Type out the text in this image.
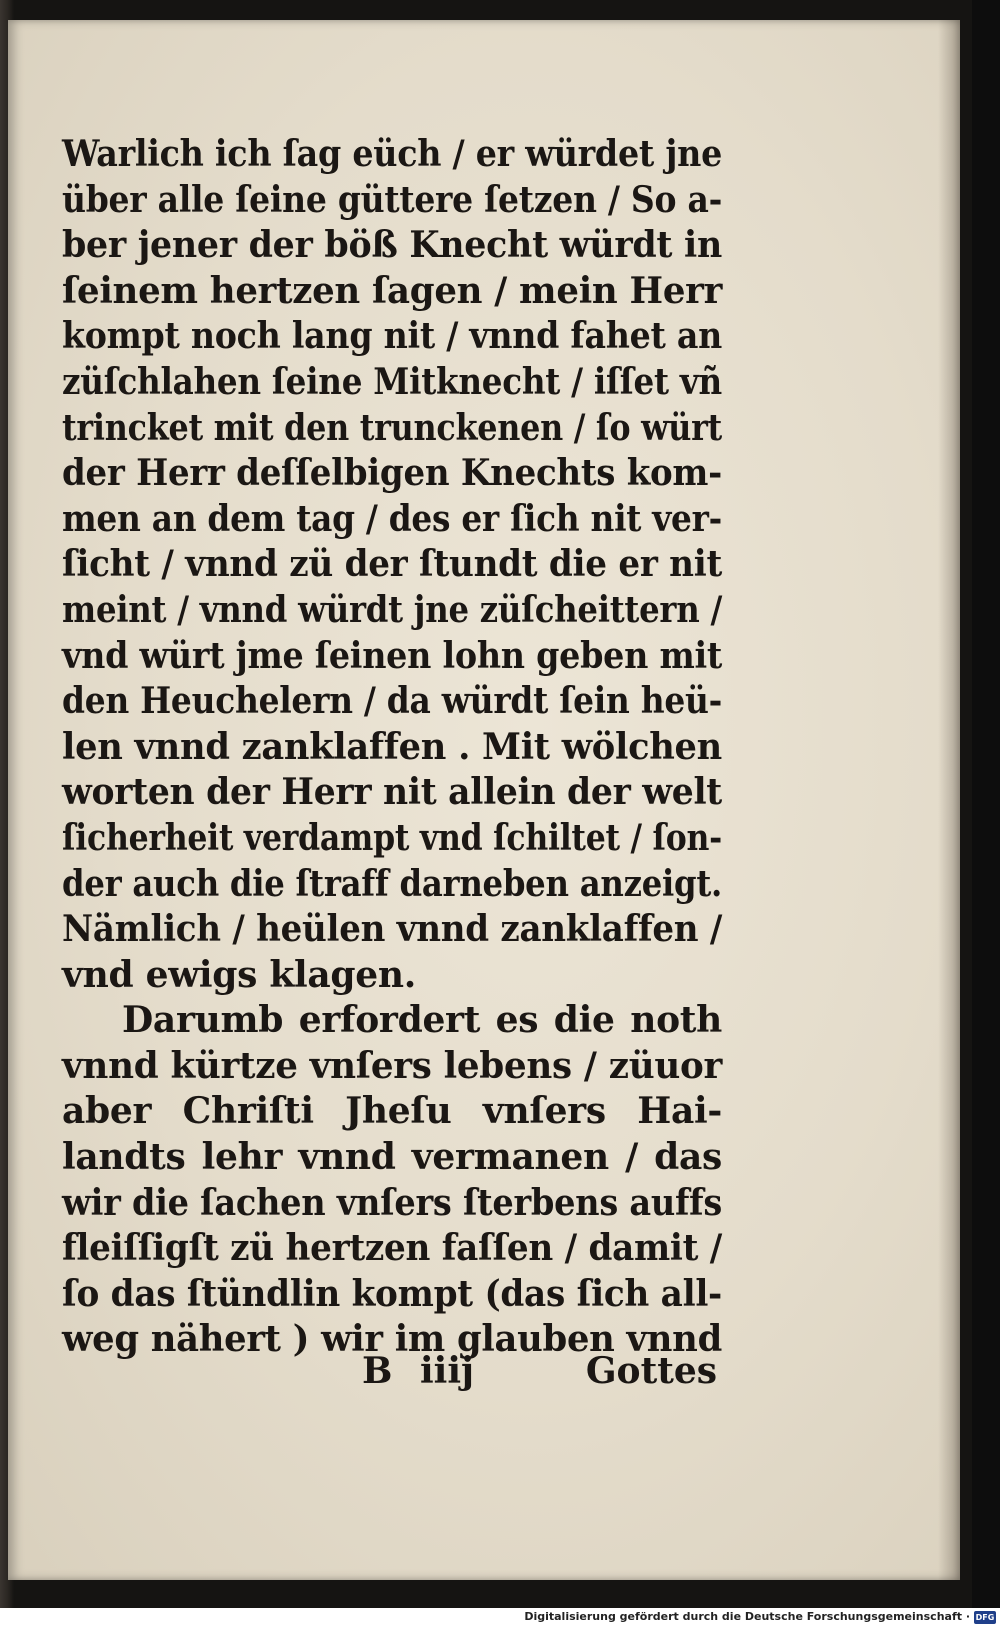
Warlich ich ſag eüch / er würdet jne
über alle ſeine güttere ſetzen / So a-
ber jener der böß Knecht würdt in
ſeinem hertzen ſagen / mein Herr
kompt noch lang nit / vnnd fahet an
züſchlahen ſeine Mitknecht / iſſet vñ
trincket mit den trunckenen / ſo würt
der Herr deſſelbigen Knechts kom-
men an dem tag / des er ſich nit ver-
ſicht / vnnd zü der ſtundt die er nit
meint / vnnd würdt jne züſcheittern /
vnd würt jme ſeinen lohn geben mit
den Heuchelern / da würdt ſein heü-
len vnnd zanklaffen . Mit wölchen
worten der Herr nit allein der welt
ſicherheit verdampt vnd ſchiltet / ſon-
der auch die ſtraff darneben anzeigt.
Nämlich / heülen vnnd zanklaffen /
vnd ewigs klagen.
Darumb erfordert es die noth
vnnd kürtze vnſers lebens / züuor
aber Chriſti Jheſu vnſers Hai-
landts lehr vnnd vermanen / das
wir die ſachen vnſers ſterbens auffs
fleiſſigſt zü hertzen faſſen / damit /
ſo das ſtündlin kompt (das ſich all-
weg nähert ) wir im glauben vnnd
B iiij	Gottes
Digitalisierung gefördert durch die Deutsche Forschungsgemeinschaft · DFG
